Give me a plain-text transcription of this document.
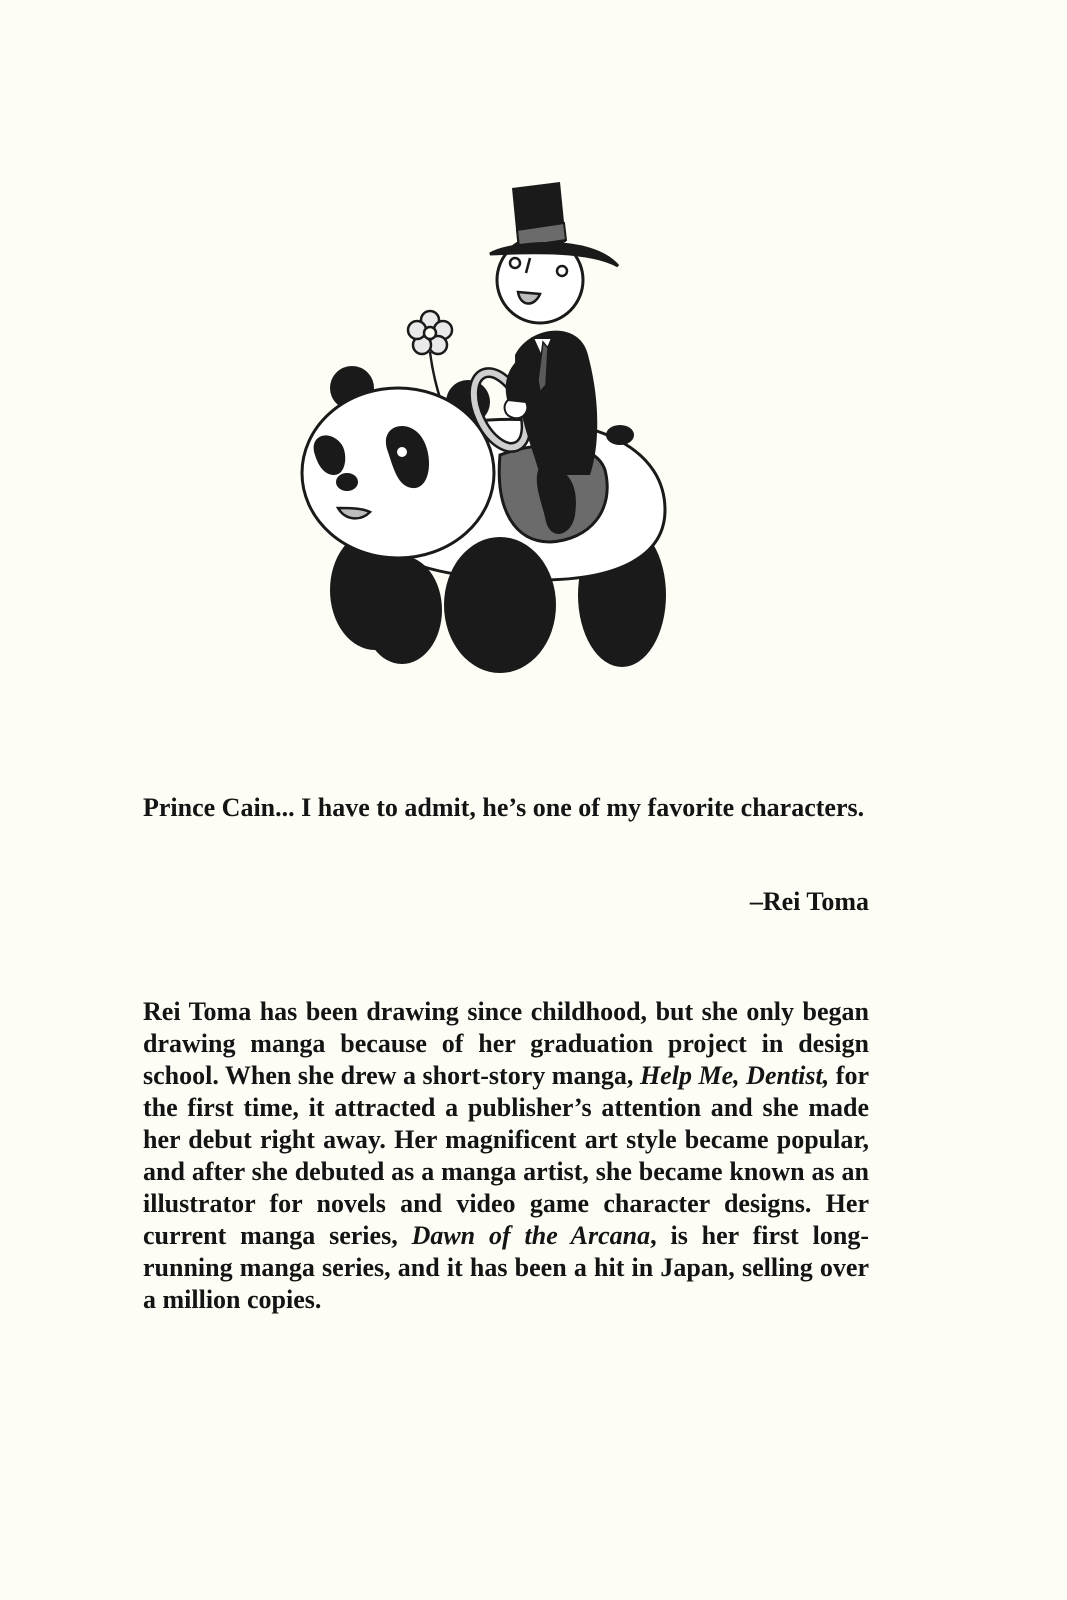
Prince Cain... I have to admit, he’s one of my favorite characters.

–Rei Toma

Rei Toma has been drawing since childhood, but she only began drawing manga because of her graduation project in design school. When she drew a short-story manga, Help Me, Dentist, for the first time, it attracted a publisher’s attention and she made her debut right away. Her magnificent art style became popular, and after she debuted as a manga artist, she became known as an illustrator for novels and video game character designs. Her current manga series, Dawn of the Arcana, is her first long-running manga series, and it has been a hit in Japan, selling over a million copies.
